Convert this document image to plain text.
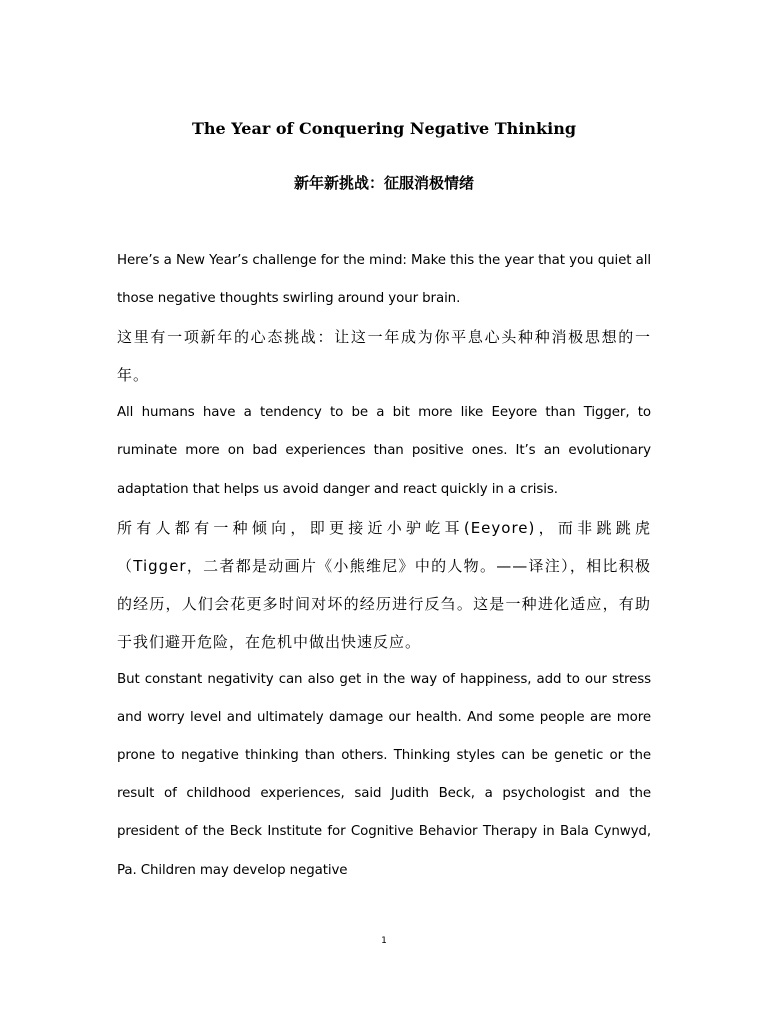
The Year of Conquering Negative Thinking
新年新挑战：征服消极情绪

Here’s a New Year’s challenge for the mind: Make this the year that you quiet all those negative thoughts swirling around your brain.

这里有一项新年的心态挑战：让这一年成为你平息心头种种消极思想的一年。

All humans have a tendency to be a bit more like Eeyore than Tigger, to ruminate more on bad experiences than positive ones. It’s an evolutionary adaptation that helps us avoid danger and react quickly in a crisis.

所有人都有一种倾向，即更接近小驴屹耳(Eeyore)，而非跳跳虎（Tigger，二者都是动画片《小熊维尼》中的人物。——译注），相比积极的经历，人们会花更多时间对坏的经历进行反刍。这是一种进化适应，有助于我们避开危险，在危机中做出快速反应。

But constant negativity can also get in the way of happiness, add to our stress and worry level and ultimately damage our health. And some people are more prone to negative thinking than others. Thinking styles can be genetic or the result of childhood experiences, said Judith Beck, a psychologist and the president of the Beck Institute for Cognitive Behavior Therapy in Bala Cynwyd, Pa. Children may develop negative

1
